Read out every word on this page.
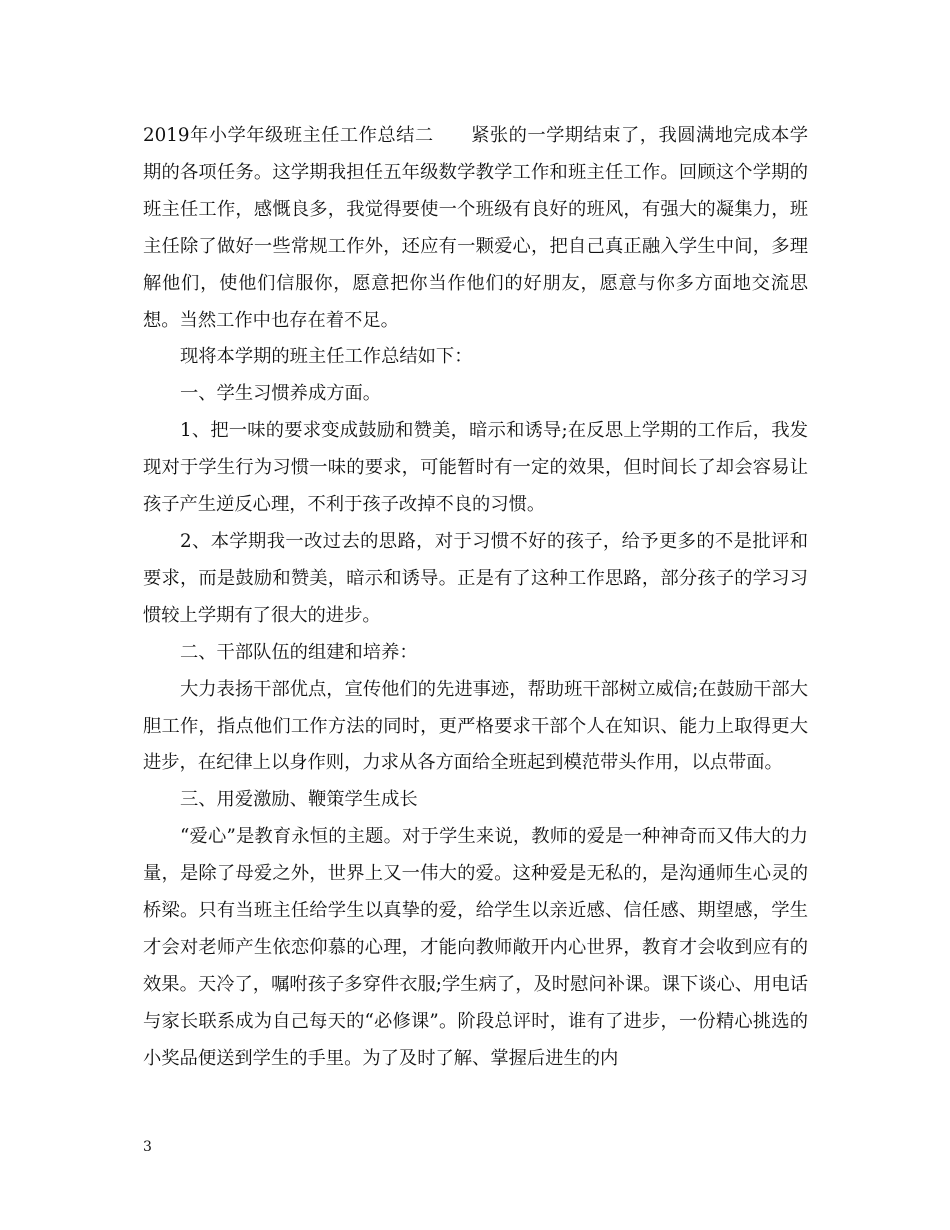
2019年小学年级班主任工作总结二 紧张的一学期结束了，我圆满地完成本学期的各项任务。这学期我担任五年级数学教学工作和班主任工作。回顾这个学期的班主任工作，感慨良多，我觉得要使一个班级有良好的班风，有强大的凝集力，班主任除了做好一些常规工作外，还应有一颗爱心，把自己真正融入学生中间，多理解他们，使他们信服你，愿意把你当作他们的好朋友，愿意与你多方面地交流思想。当然工作中也存在着不足。

现将本学期的班主任工作总结如下：

一、学生习惯养成方面。

1、把一味的要求变成鼓励和赞美，暗示和诱导;在反思上学期的工作后，我发现对于学生行为习惯一味的要求，可能暂时有一定的效果，但时间长了却会容易让孩子产生逆反心理，不利于孩子改掉不良的习惯。

2、本学期我一改过去的思路，对于习惯不好的孩子，给予更多的不是批评和要求，而是鼓励和赞美，暗示和诱导。正是有了这种工作思路，部分孩子的学习习惯较上学期有了很大的进步。

二、干部队伍的组建和培养：

大力表扬干部优点，宣传他们的先进事迹，帮助班干部树立威信;在鼓励干部大胆工作，指点他们工作方法的同时，更严格要求干部个人在知识、能力上取得更大进步，在纪律上以身作则，力求从各方面给全班起到模范带头作用，以点带面。

三、用爱激励、鞭策学生成长

“爱心”是教育永恒的主题。对于学生来说，教师的爱是一种神奇而又伟大的力量，是除了母爱之外，世界上又一伟大的爱。这种爱是无私的，是沟通师生心灵的桥梁。只有当班主任给学生以真挚的爱，给学生以亲近感、信任感、期望感，学生才会对老师产生依恋仰慕的心理，才能向教师敞开内心世界，教育才会收到应有的效果。天冷了，嘱咐孩子多穿件衣服;学生病了，及时慰问补课。课下谈心、用电话与家长联系成为自己每天的“必修课”。阶段总评时，谁有了进步，一份精心挑选的小奖品便送到学生的手里。为了及时了解、掌握后进生的内

3
